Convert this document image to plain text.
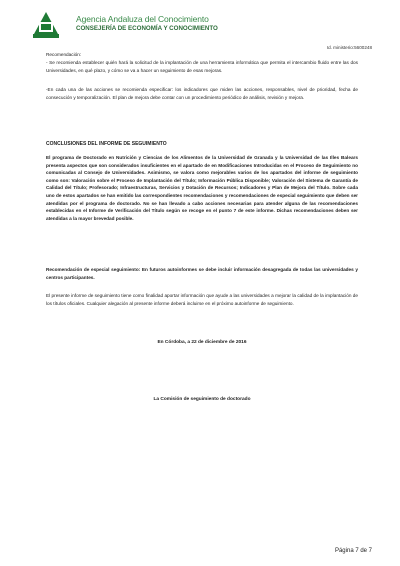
Agencia Andaluza del Conocimiento
CONSEJERÍA DE ECONOMÍA Y CONOCIMIENTO
Id. ministerio:5600248
Recomendación:
- Se recomienda establecer quién hará la solicitud de la implantación de una herramienta informática que permita el intercambio fluido entre las dos Universidades, en qué plazo, y cómo se va a hacer un seguimiento de esas mejoras.
-En cada una de las acciones se recomienda especificar: los indicadores que miden las acciones, responsables, nivel de prioridad, fecha de consecución y temporalización. El plan de mejora debe contar con un procedimiento periódico de análisis, revisión y mejora.
CONCLUSIONES DEL INFORME DE SEGUIMIENTO
El programa de Doctorado en Nutrición y Ciencias de los Alimentos de la Universidad de Granada y la Universidad de las Illes Balears presenta aspectos que son considerados insuficientes en el apartado de en Modificaciones Introducidas en el Proceso de Seguimiento no comunicadas al Consejo de Universidades. Asimismo, se valora como mejorables varios de los apartados del informe de seguimiento como son: Valoración sobre el Proceso de Implantación del Título; Información Pública Disponible; Valoración del Sistema de Garantía de Calidad del Título; Profesorado; Infraestructuras, Servicios y Dotación de Recursos; Indicadores y Plan de Mejora del Título. Sobre cada uno de estos apartados se han emitido las correspondientes recomendaciones y recomendaciones de especial seguimiento que deben ser atendidas por el programa de doctorado. No se han llevado a cabo acciones necesarias para atender alguna de las recomendaciones establecidas en el Informe de Verificación del Título según se recoge en el punto 7 de este informe. Dichas recomendaciones deben ser atendidas a la mayor brevedad posible.
Recomendación de especial seguimiento: En futuros autoinformes se debe incluir información desagregada de todas las universidades y centros participantes.
El presente informe de seguimiento tiene como finalidad aportar información que ayude a las universidades a mejorar la calidad de la implantación de los títulos oficiales. Cualquier alegación al presente informe deberá incluirse en el próximo autoinforme de seguimiento.
En Córdoba, a 22 de diciembre de 2016
La Comisión de seguimiento de doctorado
Página 7 de 7
